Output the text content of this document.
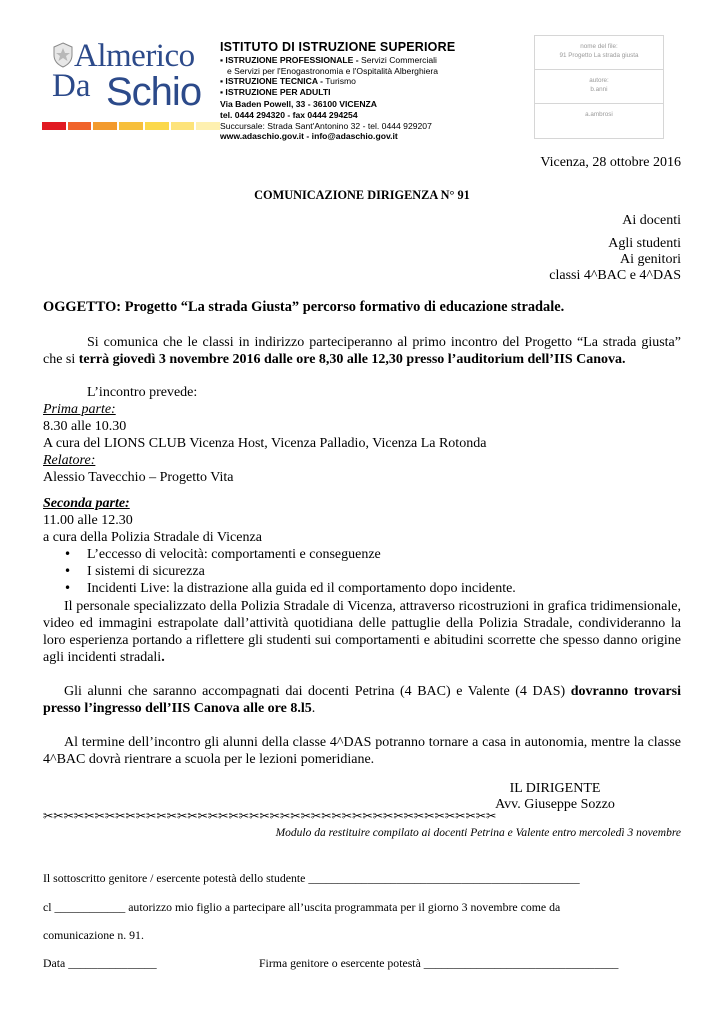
Almerico
Da Schio
ISTITUTO DI ISTRUZIONE SUPERIORE
▪ ISTRUZIONE PROFESSIONALE - Servizi Commerciali
e Servizi per l'Enogastronomia e l'Ospitalità Alberghiera
▪ ISTRUZIONE TECNICA - Turismo
▪ ISTRUZIONE PER ADULTI
Via Baden Powell, 33 - 36100 VICENZA
tel. 0444 294320 - fax 0444 294254
Succursale: Strada Sant'Antonino 32 - tel. 0444 929207
www.adaschio.gov.it - info@adaschio.gov.it
nome del file:
91 Progetto La strada giusta
autore:
b.anni
a.ambrosi
Vicenza, 28 ottobre 2016
COMUNICAZIONE DIRIGENZA N° 91
Ai docenti
Agli studenti
Ai genitori
classi 4^BAC e 4^DAS
OGGETTO: Progetto “La strada Giusta” percorso formativo di educazione stradale.
Si comunica che le classi in indirizzo parteciperanno al primo incontro del Progetto “La strada giusta” che si terrà giovedì 3 novembre 2016 dalle ore 8,30 alle 12,30 presso l’auditorium dell’IIS Canova.
L’incontro prevede:
Prima parte:
8.30 alle 10.30
A cura del LIONS CLUB Vicenza Host, Vicenza Palladio, Vicenza La Rotonda
Relatore:
Alessio Tavecchio – Progetto Vita
Seconda parte:
11.00 alle 12.30
a cura della Polizia Stradale di Vicenza
• L’eccesso di velocità: comportamenti e conseguenze
• I sistemi di sicurezza
• Incidenti Live: la distrazione alla guida ed il comportamento dopo incidente.
Il personale specializzato della Polizia Stradale di Vicenza, attraverso ricostruzioni in grafica tridimensionale, video ed immagini estrapolate dall’attività quotidiana delle pattuglie della Polizia Stradale, condivideranno la loro esperienza portando a riflettere gli studenti sui comportamenti e abitudini scorrette che spesso danno origine agli incidenti stradali.
Gli alunni che saranno accompagnati dai docenti Petrina (4 BAC) e Valente (4 DAS) dovranno trovarsi presso l’ingresso dell’IIS Canova alle ore 8.l5.
Al termine dell’incontro gli alunni della classe 4^DAS potranno tornare a casa in autonomia, mentre la classe 4^BAC dovrà rientrare a scuola per le lezioni pomeridiane.
IL DIRIGENTE
Avv. Giuseppe Sozzo
✂✂✂✂✂✂✂✂✂✂✂✂✂✂✂✂✂✂✂✂✂✂✂✂✂✂✂✂✂✂✂✂✂✂✂✂✂✂✂✂✂✂✂✂
Modulo da restituire compilato ai docenti Petrina e Valente entro mercoledì 3 novembre
Il sottoscritto genitore / esercente potestà dello studente ______________________________________________
cl ____________ autorizzo mio figlio a partecipare all’uscita programmata per il giorno 3 novembre come da
comunicazione n. 91.
Data _______________	Firma genitore o esercente potestà _________________________________
